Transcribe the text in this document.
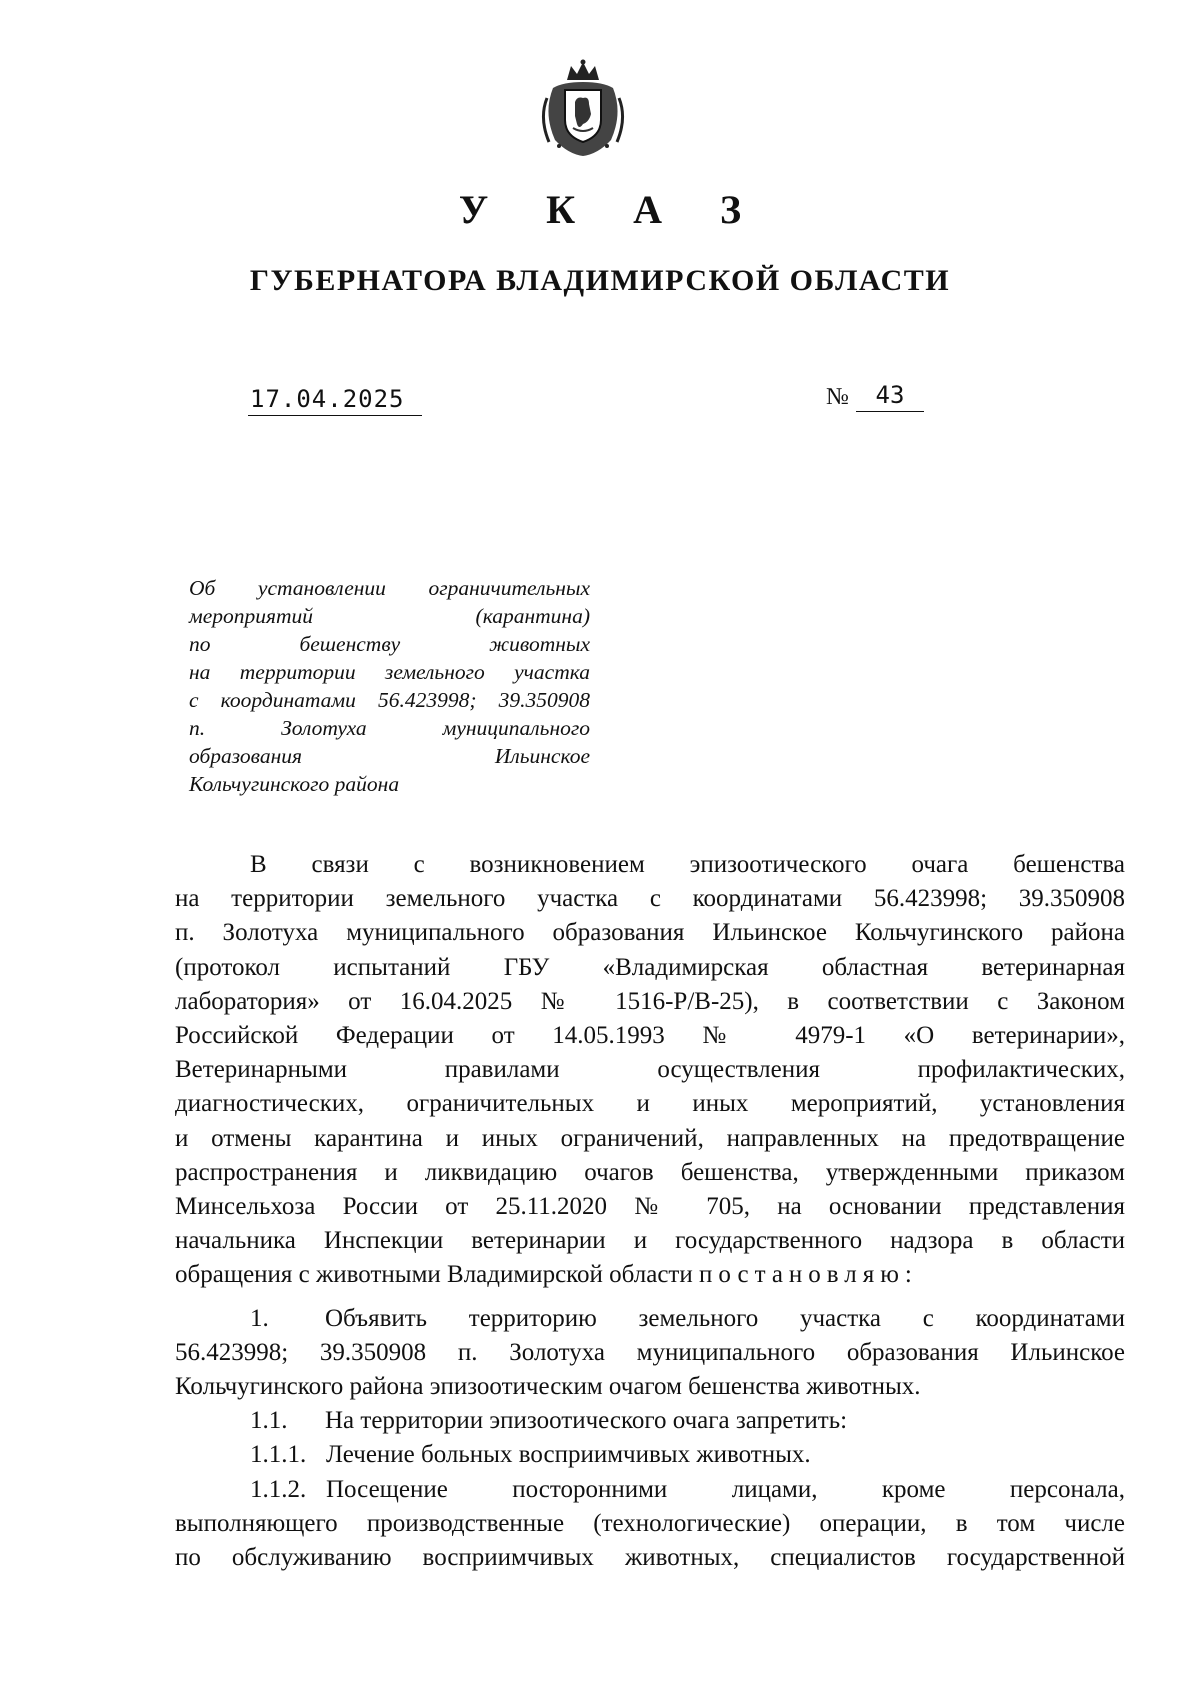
У К А З
ГУБЕРНАТОРА ВЛАДИМИРСКОЙ ОБЛАСТИ
17.04.2025	№	43
Об установлении ограничительных
мероприятий (карантина)
по бешенству животных
на территории земельного участка
с координатами 56.423998; 39.350908
п. Золотуха муниципального
образования Ильинское
Кольчугинского района
В связи с возникновением эпизоотического очага бешенства
на территории земельного участка с координатами 56.423998; 39.350908
п. Золотуха муниципального образования Ильинское Кольчугинского района
(протокол испытаний ГБУ «Владимирская областная ветеринарная
лаборатория» от 16.04.2025 № 1516-Р/В-25), в соответствии с Законом
Российской Федерации от 14.05.1993 № 4979-1 «О ветеринарии»,
Ветеринарными правилами осуществления профилактических,
диагностических, ограничительных и иных мероприятий, установления
и отмены карантина и иных ограничений, направленных на предотвращение
распространения и ликвидацию очагов бешенства, утвержденными приказом
Минсельхоза России от 25.11.2020 № 705, на основании представления
начальника Инспекции ветеринарии и государственного надзора в области
обращения с животными Владимирской области постановляю:
1. Объявить территорию земельного участка с координатами
56.423998; 39.350908 п. Золотуха муниципального образования Ильинское
Кольчугинского района эпизоотическим очагом бешенства животных.
1.1. На территории эпизоотического очага запретить:
1.1.1. Лечение больных восприимчивых животных.
1.1.2. Посещение посторонними лицами, кроме персонала,
выполняющего производственные (технологические) операции, в том числе
по обслуживанию восприимчивых животных, специалистов государственной
